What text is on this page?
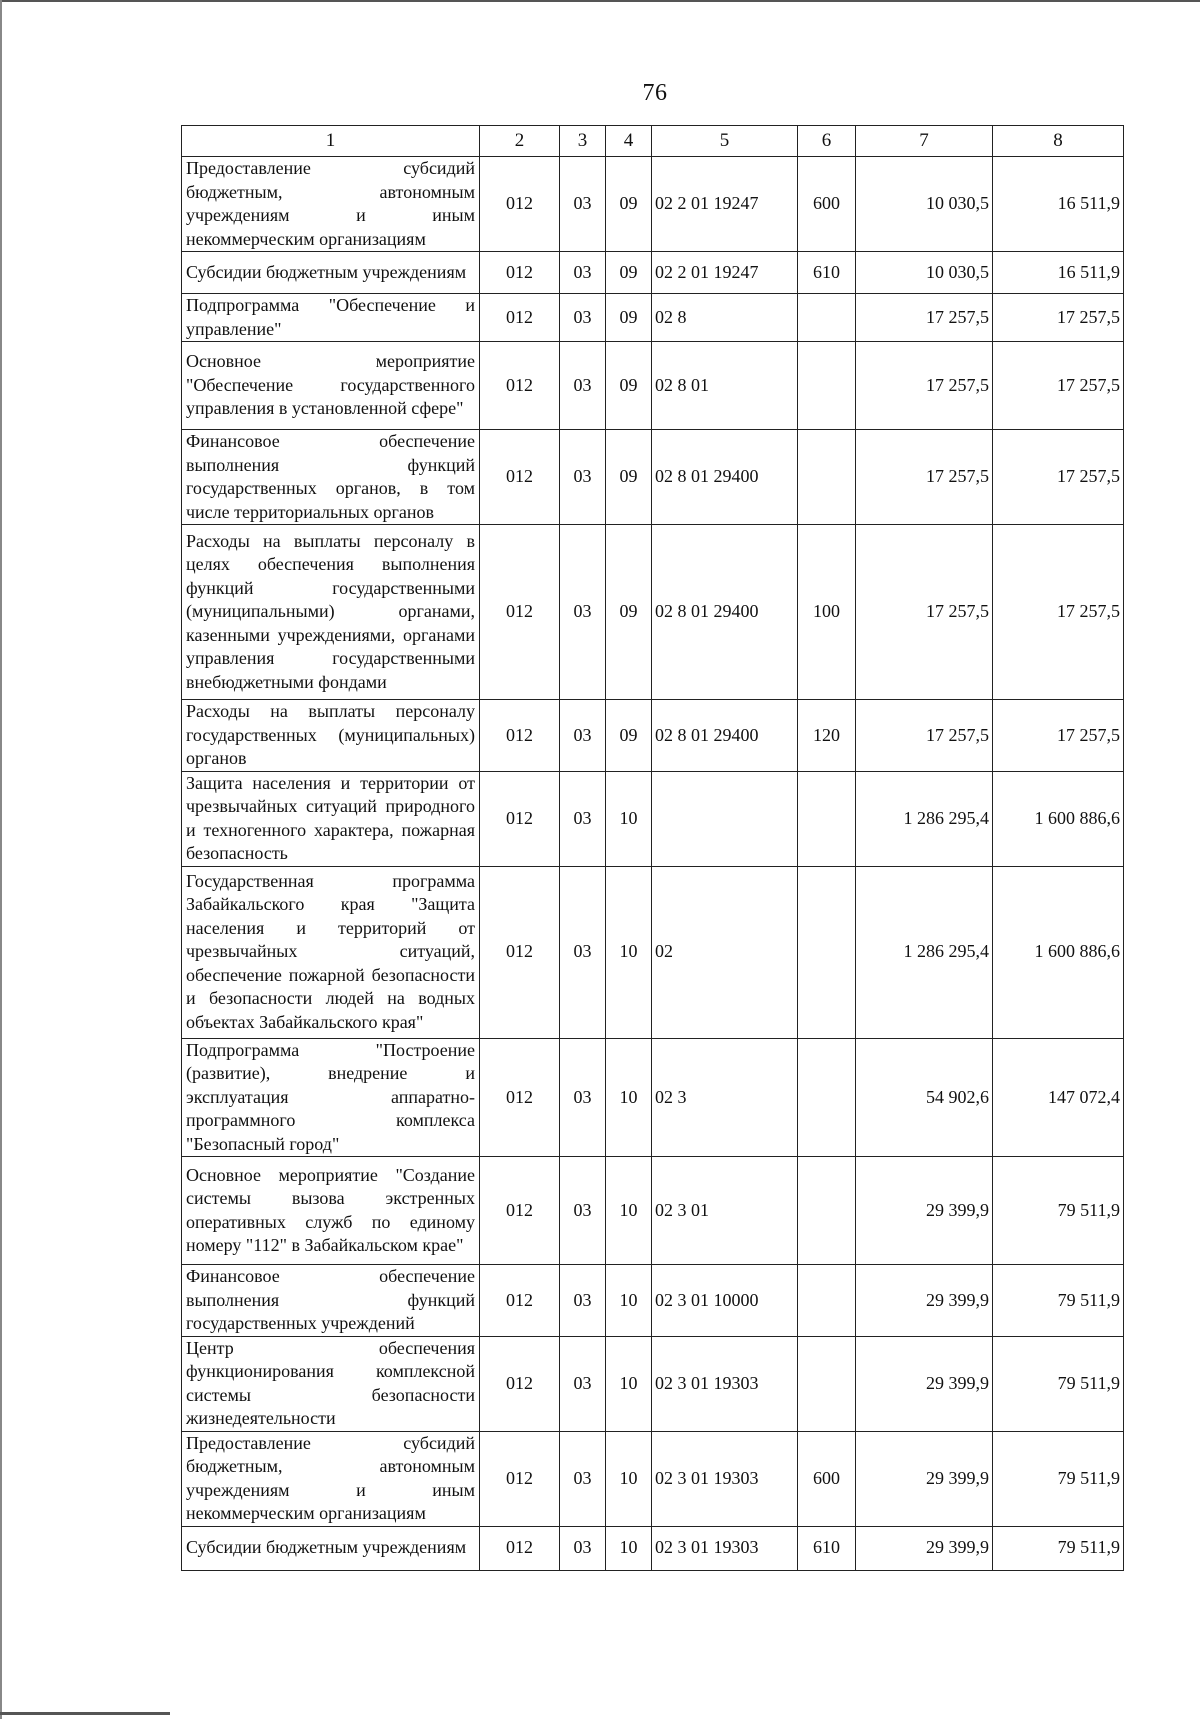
76
1	2	3	4	5	6	7	8
Предоставление субсидий бюджетным, автономным учреждениям и иным некоммерческим организациям	012	03	09	02 2 01 19247	600	10 030,5	16 511,9
Субсидии бюджетным учреждениям	012	03	09	02 2 01 19247	610	10 030,5	16 511,9
Подпрограмма "Обеспечение и управление"	012	03	09	02 8		17 257,5	17 257,5
Основное мероприятие "Обеспечение государственного управления в установленной сфере"	012	03	09	02 8 01		17 257,5	17 257,5
Финансовое обеспечение выполнения функций государственных органов, в том числе территориальных органов	012	03	09	02 8 01 29400		17 257,5	17 257,5
Расходы на выплаты персоналу в целях обеспечения выполнения функций государственными (муниципальными) органами, казенными учреждениями, органами управления государственными внебюджетными фондами	012	03	09	02 8 01 29400	100	17 257,5	17 257,5
Расходы на выплаты персоналу государственных (муниципальных) органов	012	03	09	02 8 01 29400	120	17 257,5	17 257,5
Защита населения и территории от чрезвычайных ситуаций природного и техногенного характера, пожарная безопасность	012	03	10			1 286 295,4	1 600 886,6
Государственная программа Забайкальского края "Защита населения и территорий от чрезвычайных ситуаций, обеспечение пожарной безопасности и безопасности людей на водных объектах Забайкальского края"	012	03	10	02		1 286 295,4	1 600 886,6
Подпрограмма "Построение (развитие), внедрение и эксплуатация аппаратно-программного комплекса "Безопасный город"	012	03	10	02 3		54 902,6	147 072,4
Основное мероприятие "Создание системы вызова экстренных оперативных служб по единому номеру "112" в Забайкальском крае"	012	03	10	02 3 01		29 399,9	79 511,9
Финансовое обеспечение выполнения функций государственных учреждений	012	03	10	02 3 01 10000		29 399,9	79 511,9
Центр обеспечения функционирования комплексной системы безопасности жизнедеятельности	012	03	10	02 3 01 19303		29 399,9	79 511,9
Предоставление субсидий бюджетным, автономным учреждениям и иным некоммерческим организациям	012	03	10	02 3 01 19303	600	29 399,9	79 511,9
Субсидии бюджетным учреждениям	012	03	10	02 3 01 19303	610	29 399,9	79 511,9
